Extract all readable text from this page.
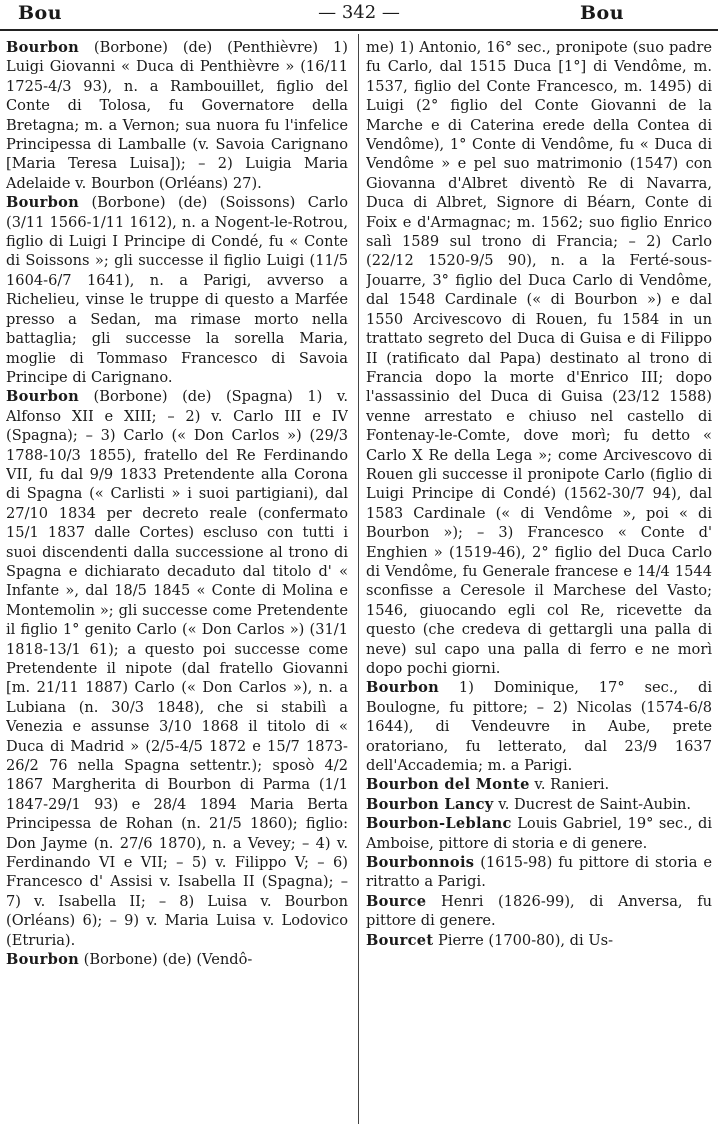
Bou	— 342 —	Bou

Bourbon (Borbone) (de) (Penthièvre) 1) Luigi Giovanni « Duca di Penthièvre » (16/11 1725-4/3 93), n. a Rambouillet, figlio del Conte di Tolosa, fu Governatore della Bretagna; m. a Vernon; sua nuora fu l'infelice Principessa di Lamballe (v. Savoia Carignano [Maria Teresa Luisa]); – 2) Luigia Maria Adelaide v. Bourbon (Orléans) 27).

Bourbon (Borbone) (de) (Soissons) Carlo (3/11 1566-1/11 1612), n. a Nogent-le-Rotrou, figlio di Luigi I Principe di Condé, fu « Conte di Soissons »; gli successe il figlio Luigi (11/5 1604-6/7 1641), n. a Parigi, avverso a Richelieu, vinse le truppe di questo a Marfée presso a Sedan, ma rimase morto nella battaglia; gli successe la sorella Maria, moglie di Tommaso Francesco di Savoia Principe di Carignano.

Bourbon (Borbone) (de) (Spagna) 1) v. Alfonso XII e XIII; – 2) v. Carlo III e IV (Spagna); – 3) Carlo (« Don Carlos ») (29/3 1788-10/3 1855), fratello del Re Ferdinando VII, fu dal 9/9 1833 Pretendente alla Corona di Spagna (« Carlisti » i suoi partigiani), dal 27/10 1834 per decreto reale (confermato 15/1 1837 dalle Cortes) escluso con tutti i suoi discendenti dalla successione al trono di Spagna e dichiarato decaduto dal titolo d' « Infante », dal 18/5 1845 « Conte di Molina e Montemolin »; gli successe come Pretendente il figlio 1° genito Carlo (« Don Carlos ») (31/1 1818-13/1 61); a questo poi successe come Pretendente il nipote (dal fratello Giovanni [m. 21/11 1887) Carlo (« Don Carlos »), n. a Lubiana (n. 30/3 1848), che si stabilì a Venezia e assunse 3/10 1868 il titolo di « Duca di Madrid » (2/5-4/5 1872 e 15/7 1873-26/2 76 nella Spagna settentr.); sposò 4/2 1867 Margherita di Bourbon di Parma (1/1 1847-29/1 93) e 28/4 1894 Maria Berta Principessa de Rohan (n. 21/5 1860); figlio: Don Jayme (n. 27/6 1870), n. a Vevey; – 4) v. Ferdinando VI e VII; – 5) v. Filippo V; – 6) Francesco d' Assisi v. Isabella II (Spagna); – 7) v. Isabella II; – 8) Luisa v. Bourbon (Orléans) 6); – 9) v. Maria Luisa v. Lodovico (Etruria).

Bourbon (Borbone) (de) (Vendô-

me) 1) Antonio, 16° sec., pronipote (suo padre fu Carlo, dal 1515 Duca [1°] di Vendôme, m. 1537, figlio del Conte Francesco, m. 1495) di Luigi (2° figlio del Conte Giovanni de la Marche e di Caterina erede della Contea di Vendôme), 1° Conte di Vendôme, fu « Duca di Vendôme » e pel suo matrimonio (1547) con Giovanna d'Albret diventò Re di Navarra, Duca di Albret, Signore di Béarn, Conte di Foix e d'Armagnac; m. 1562; suo figlio Enrico salì 1589 sul trono di Francia; – 2) Carlo (22/12 1520-9/5 90), n. a la Ferté-sous-Jouarre, 3° figlio del Duca Carlo di Vendôme, dal 1548 Cardinale (« di Bourbon ») e dal 1550 Arcivescovo di Rouen, fu 1584 in un trattato segreto del Duca di Guisa e di Filippo II (ratificato dal Papa) destinato al trono di Francia dopo la morte d'Enrico III; dopo l'assassinio del Duca di Guisa (23/12 1588) venne arrestato e chiuso nel castello di Fontenay-le-Comte, dove morì; fu detto « Carlo X Re della Lega »; come Arcivescovo di Rouen gli successe il pronipote Carlo (figlio di Luigi Principe di Condé) (1562-30/7 94), dal 1583 Cardinale (« di Vendôme », poi « di Bourbon »); – 3) Francesco « Conte d' Enghien » (1519-46), 2° figlio del Duca Carlo di Vendôme, fu Generale francese e 14/4 1544 sconfisse a Ceresole il Marchese del Vasto; 1546, giuocando egli col Re, ricevette da questo (che credeva di gettargli una palla di neve) sul capo una palla di ferro e ne morì dopo pochi giorni.

Bourbon 1) Dominique, 17° sec., di Boulogne, fu pittore; – 2) Nicolas (1574-6/8 1644), di Vendeuvre in Aube, prete oratoriano, fu letterato, dal 23/9 1637 dell'Accademia; m. a Parigi.

Bourbon del Monte v. Ranieri.

Bourbon Lancy v. Ducrest de Saint-Aubin.

Bourbon-Leblanc Louis Gabriel, 19° sec., di Amboise, pittore di storia e di genere.

Bourbonnois (1615-98) fu pittore di storia e ritratto a Parigi.

Bource Henri (1826-99), di Anversa, fu pittore di genere.

Bourcet Pierre (1700-80), di Us-
